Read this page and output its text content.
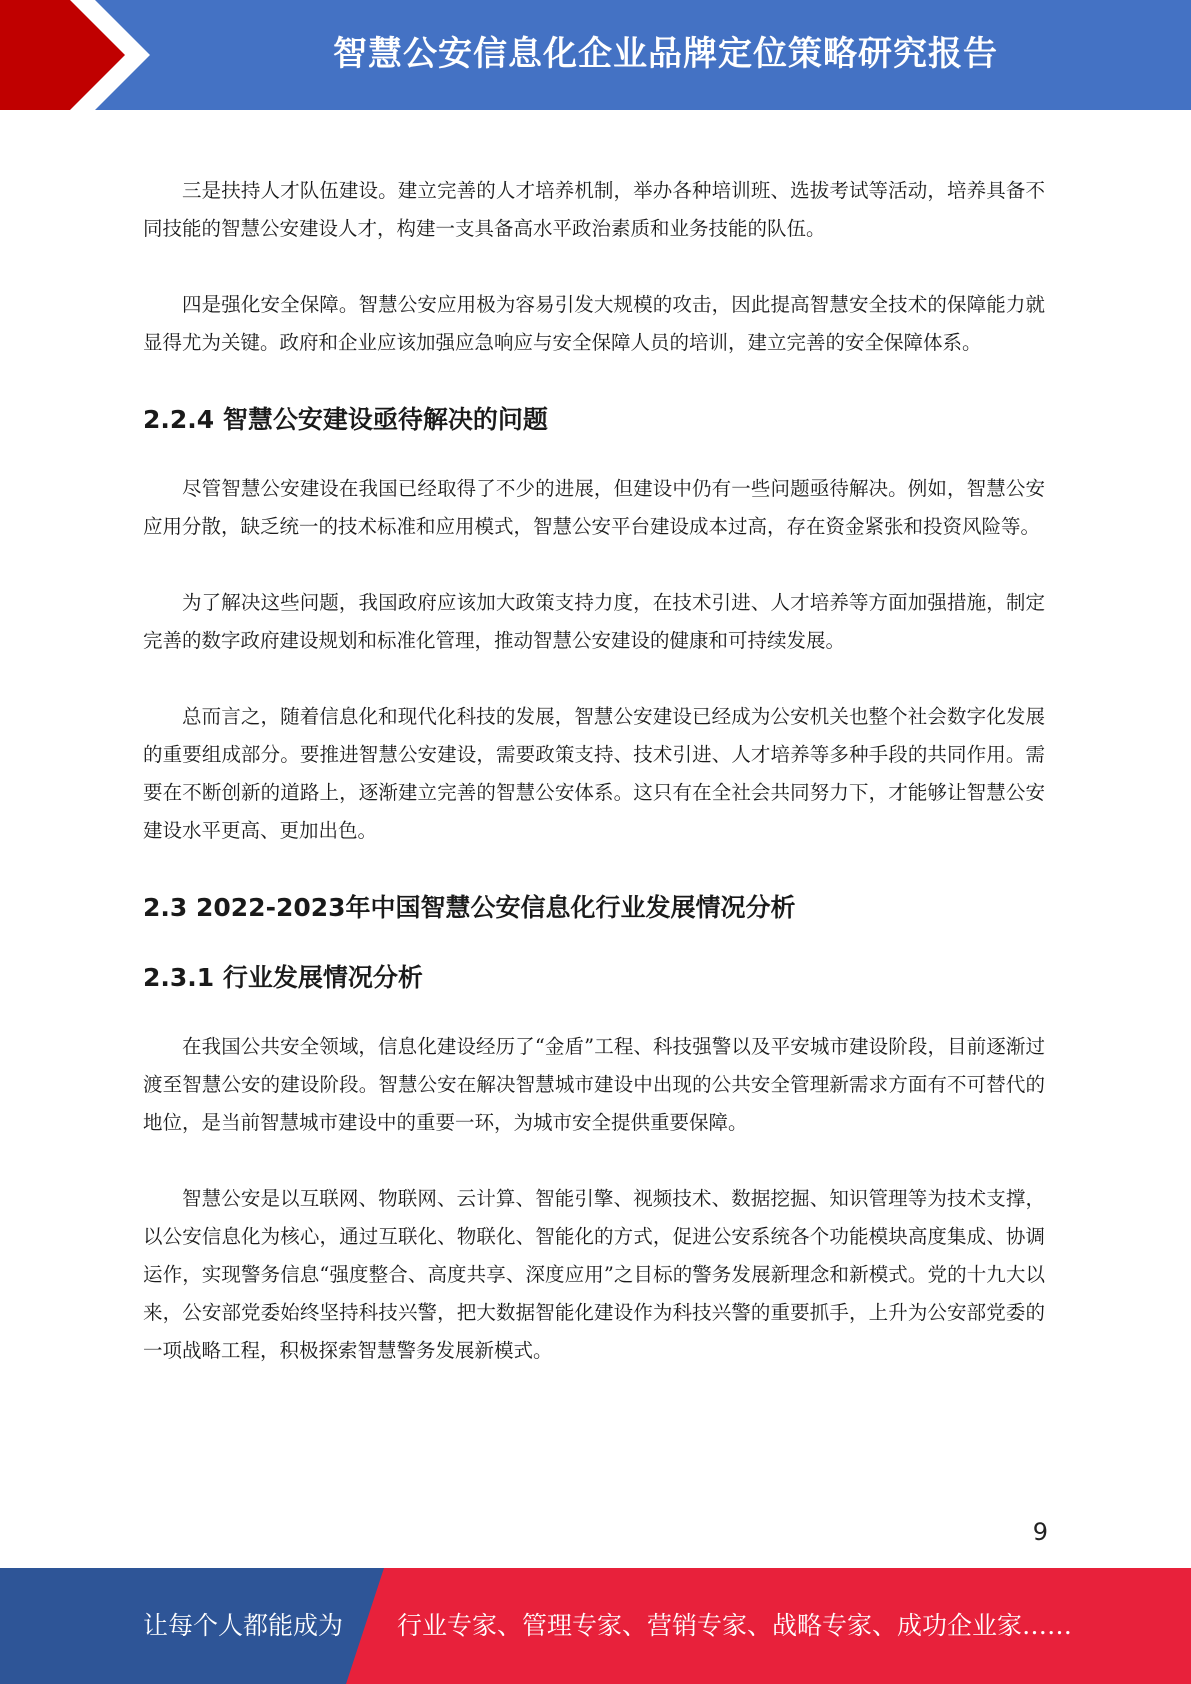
智慧公安信息化企业品牌定位策略研究报告

三是扶持人才队伍建设。建立完善的人才培养机制，举办各种培训班、选拔考试等活动，培养具备不同技能的智慧公安建设人才，构建一支具备高水平政治素质和业务技能的队伍。

四是强化安全保障。智慧公安应用极为容易引发大规模的攻击，因此提高智慧安全技术的保障能力就显得尤为关键。政府和企业应该加强应急响应与安全保障人员的培训，建立完善的安全保障体系。

2.2.4 智慧公安建设亟待解决的问题

尽管智慧公安建设在我国已经取得了不少的进展，但建设中仍有一些问题亟待解决。例如，智慧公安应用分散，缺乏统一的技术标准和应用模式，智慧公安平台建设成本过高，存在资金紧张和投资风险等。

为了解决这些问题，我国政府应该加大政策支持力度，在技术引进、人才培养等方面加强措施，制定完善的数字政府建设规划和标准化管理，推动智慧公安建设的健康和可持续发展。

总而言之，随着信息化和现代化科技的发展，智慧公安建设已经成为公安机关也整个社会数字化发展的重要组成部分。要推进智慧公安建设，需要政策支持、技术引进、人才培养等多种手段的共同作用。需要在不断创新的道路上，逐渐建立完善的智慧公安体系。这只有在全社会共同努力下，才能够让智慧公安建设水平更高、更加出色。

2.3 2022-2023年中国智慧公安信息化行业发展情况分析
2.3.1 行业发展情况分析

在我国公共安全领域，信息化建设经历了“金盾”工程、科技强警以及平安城市建设阶段，目前逐渐过渡至智慧公安的建设阶段。智慧公安在解决智慧城市建设中出现的公共安全管理新需求方面有不可替代的地位，是当前智慧城市建设中的重要一环，为城市安全提供重要保障。

智慧公安是以互联网、物联网、云计算、智能引擎、视频技术、数据挖掘、知识管理等为技术支撑，以公安信息化为核心，通过互联化、物联化、智能化的方式，促进公安系统各个功能模块高度集成、协调运作，实现警务信息“强度整合、高度共享、深度应用”之目标的警务发展新理念和新模式。党的十九大以来，公安部党委始终坚持科技兴警，把大数据智能化建设作为科技兴警的重要抓手，上升为公安部党委的一项战略工程，积极探索智慧警务发展新模式。

9
让每个人都能成为 行业专家、管理专家、营销专家、战略专家、成功企业家……
